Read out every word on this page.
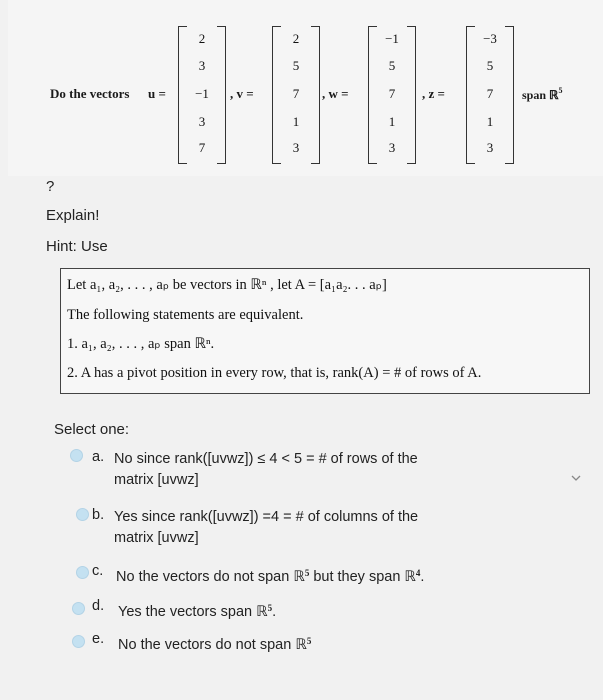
Do the vectors u =
2
3
−1
3
7
, v =
2
5
7
1
3
, w =
−1
5
7
1
3
, z =
−3
5
7
1
3
span ℝ$^5$
?
Explain!
Hint: Use
Let a₁, a₂, . . . , aₚ be vectors in ℝⁿ , let A = [a₁a₂. . . aₚ]
The following statements are equivalent.
1. a₁, a₂, . . . , aₚ span ℝⁿ.
2. A has a pivot position in every row, that is, rank(A) = # of rows of A.
Select one:
a. No since rank([uvwz]) ≤ 4 < 5 = # of rows of the
matrix [uvwz]
b. Yes since rank([uvwz]) =4 = # of columns of the
matrix [uvwz]
c. No the vectors do not span ℝ$^5$ but they span ℝ$^4$.
d. Yes the vectors span ℝ$^5$.
e. No the vectors do not span ℝ$^5$
